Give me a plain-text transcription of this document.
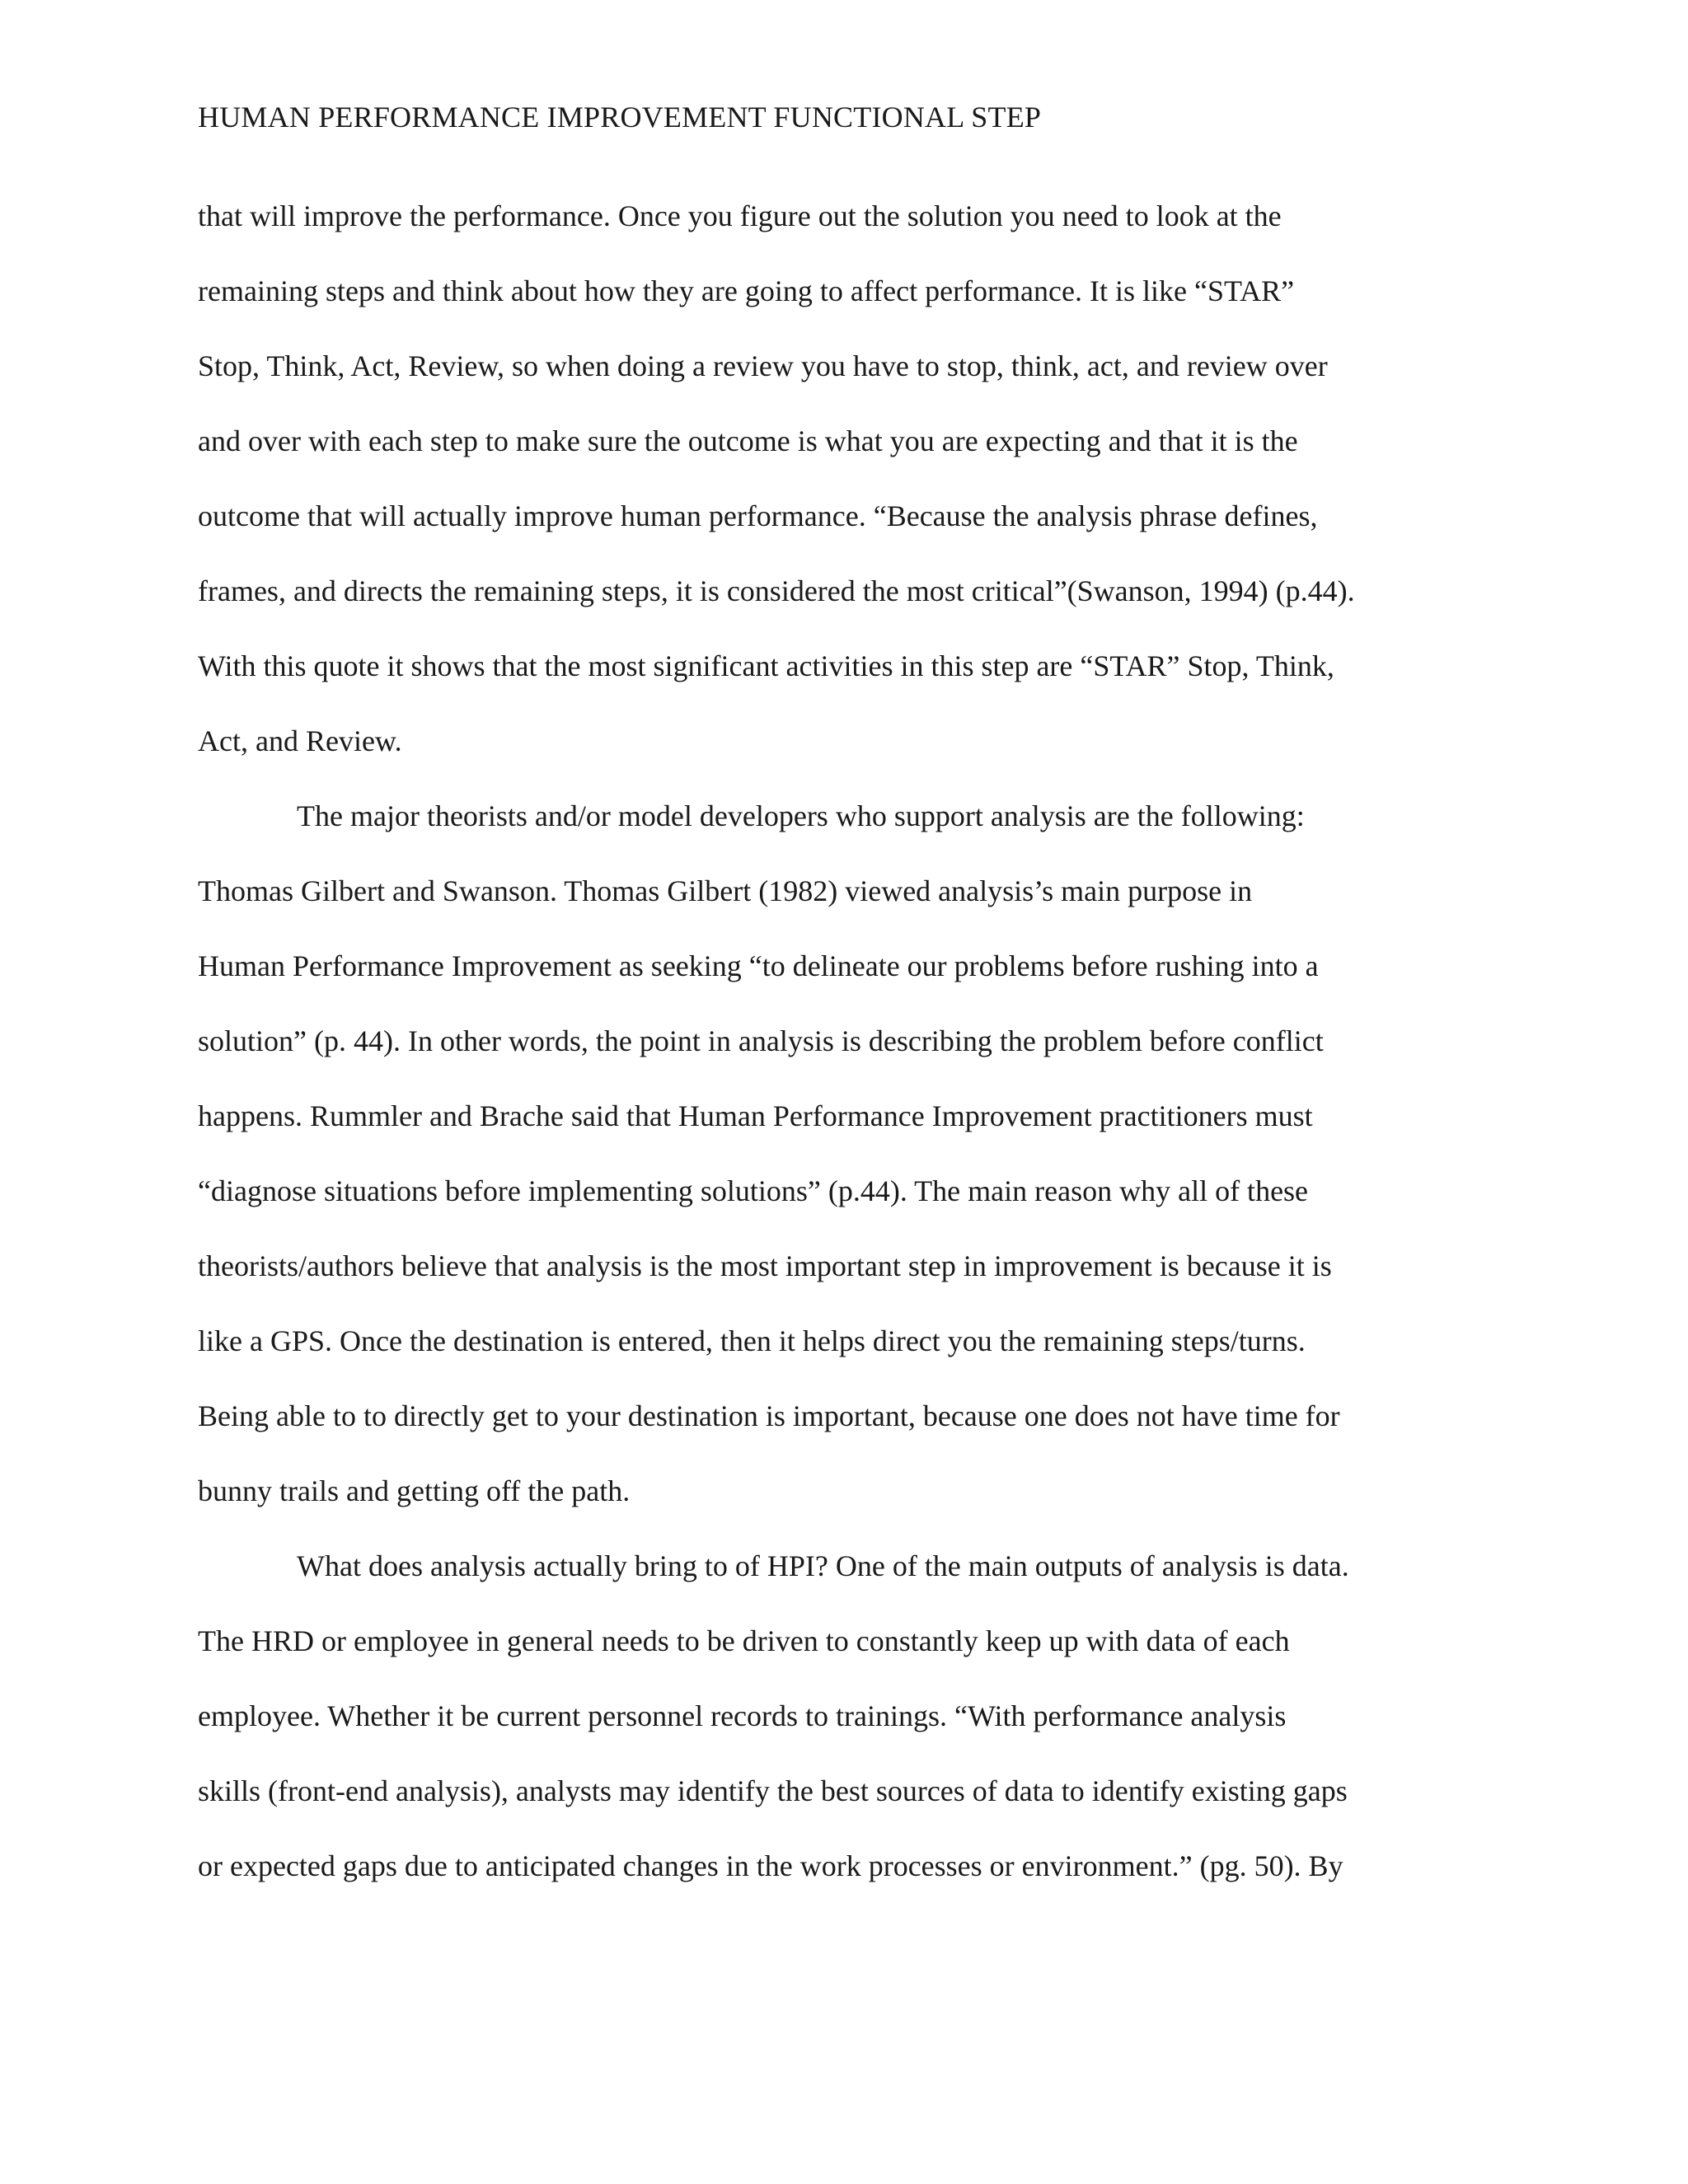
HUMAN PERFORMANCE IMPROVEMENT FUNCTIONAL STEP
that will improve the performance. Once you figure out the solution you need to look at the
remaining steps and think about how they are going to affect performance. It is like “STAR”
Stop, Think, Act, Review, so when doing a review you have to stop, think, act, and review over
and over with each step to make sure the outcome is what you are expecting and that it is the
outcome that will actually improve human performance. “Because the analysis phrase defines,
frames, and directs the remaining steps, it is considered the most critical”(Swanson, 1994) (p.44).
With this quote it shows that the most significant activities in this step are “STAR” Stop, Think,
Act, and Review.
The major theorists and/or model developers who support analysis are the following:
Thomas Gilbert and Swanson. Thomas Gilbert (1982) viewed analysis’s main purpose in
Human Performance Improvement as seeking “to delineate our problems before rushing into a
solution” (p. 44). In other words, the point in analysis is describing the problem before conflict
happens. Rummler and Brache said that Human Performance Improvement practitioners must
“diagnose situations before implementing solutions” (p.44). The main reason why all of these
theorists/authors believe that analysis is the most important step in improvement is because it is
like a GPS. Once the destination is entered, then it helps direct you the remaining steps/turns.
Being able to to directly get to your destination is important, because one does not have time for
bunny trails and getting off the path.
What does analysis actually bring to of HPI? One of the main outputs of analysis is data.
The HRD or employee in general needs to be driven to constantly keep up with data of each
employee. Whether it be current personnel records to trainings. “With performance analysis
skills (front-end analysis), analysts may identify the best sources of data to identify existing gaps
or expected gaps due to anticipated changes in the work processes or environment.” (pg. 50). By
